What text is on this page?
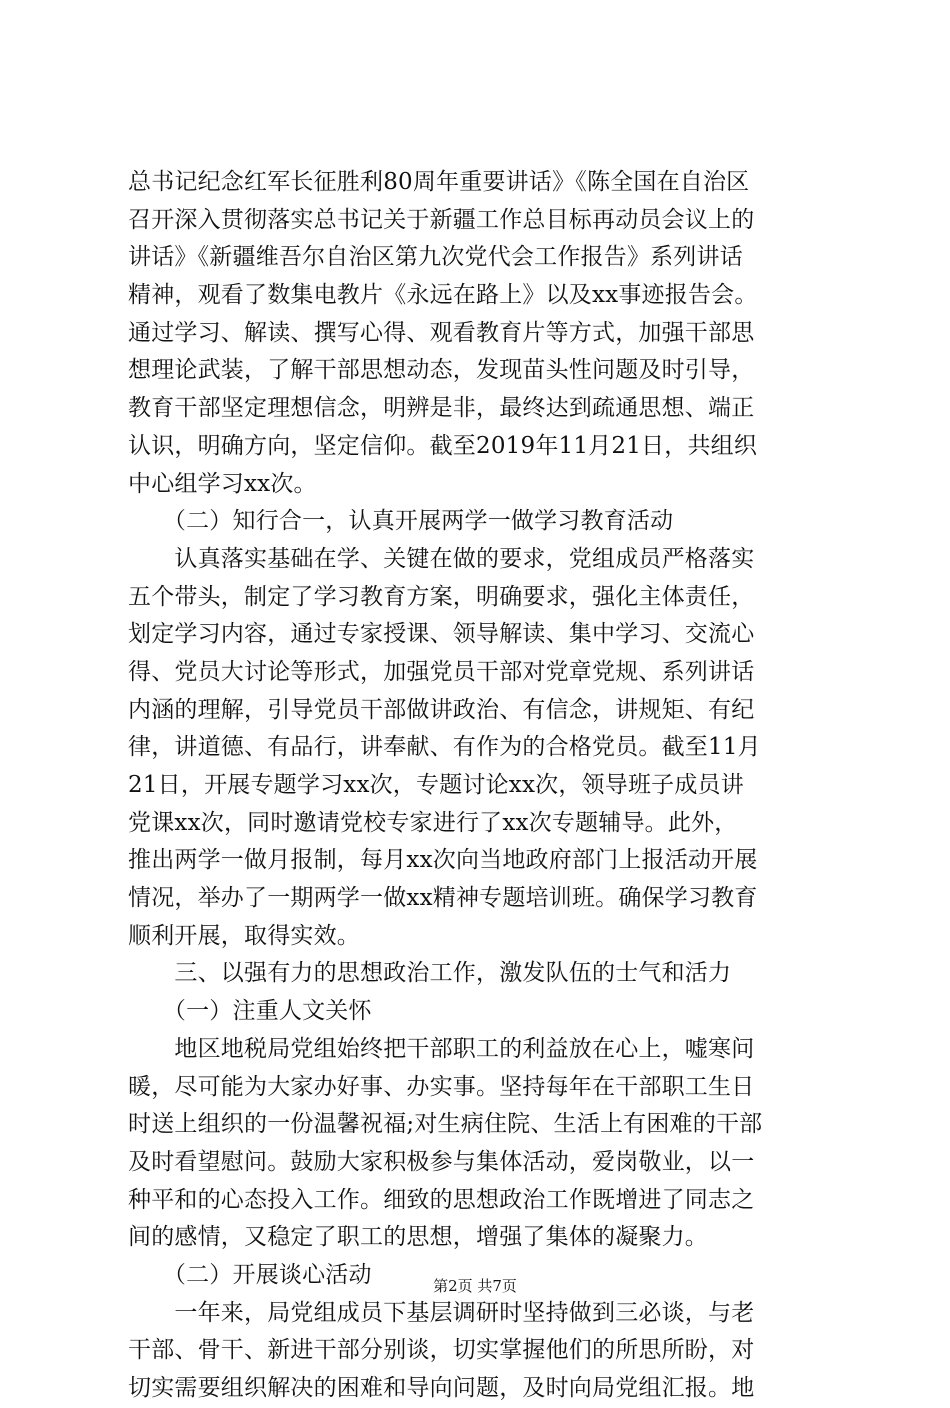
总书记纪念红军长征胜利80周年重要讲话》《陈全国在自治区
召开深入贯彻落实总书记关于新疆工作总目标再动员会议上的
讲话》《新疆维吾尔自治区第九次党代会工作报告》系列讲话
精神，观看了数集电教片《永远在路上》以及xx事迹报告会。
通过学习、解读、撰写心得、观看教育片等方式，加强干部思
想理论武装，了解干部思想动态，发现苗头性问题及时引导，
教育干部坚定理想信念，明辨是非，最终达到疏通思想、端正
认识，明确方向，坚定信仰。截至2019年11月21日，共组织
中心组学习xx次。
　　（二）知行合一，认真开展两学一做学习教育活动
　　认真落实基础在学、关键在做的要求，党组成员严格落实
五个带头，制定了学习教育方案，明确要求，强化主体责任，
划定学习内容，通过专家授课、领导解读、集中学习、交流心
得、党员大讨论等形式，加强党员干部对党章党规、系列讲话
内涵的理解，引导党员干部做讲政治、有信念，讲规矩、有纪
律，讲道德、有品行，讲奉献、有作为的合格党员。截至11月
21日，开展专题学习xx次，专题讨论xx次，领导班子成员讲
党课xx次，同时邀请党校专家进行了xx次专题辅导。此外，
推出两学一做月报制，每月xx次向当地政府部门上报活动开展
情况，举办了一期两学一做xx精神专题培训班。确保学习教育
顺利开展，取得实效。
　　三、以强有力的思想政治工作，激发队伍的士气和活力
　　（一）注重人文关怀
　　地区地税局党组始终把干部职工的利益放在心上，嘘寒问
暖，尽可能为大家办好事、办实事。坚持每年在干部职工生日
时送上组织的一份温馨祝福;对生病住院、生活上有困难的干部
及时看望慰问。鼓励大家积极参与集体活动，爱岗敬业，以一
种平和的心态投入工作。细致的思想政治工作既增进了同志之
间的感情，又稳定了职工的思想，增强了集体的凝聚力。
　　（二）开展谈心活动
　　一年来，局党组成员下基层调研时坚持做到三必谈，与老
干部、骨干、新进干部分别谈，切实掌握他们的所思所盼，对
切实需要组织解决的困难和导向问题，及时向局党组汇报。地
第2页 共7页
